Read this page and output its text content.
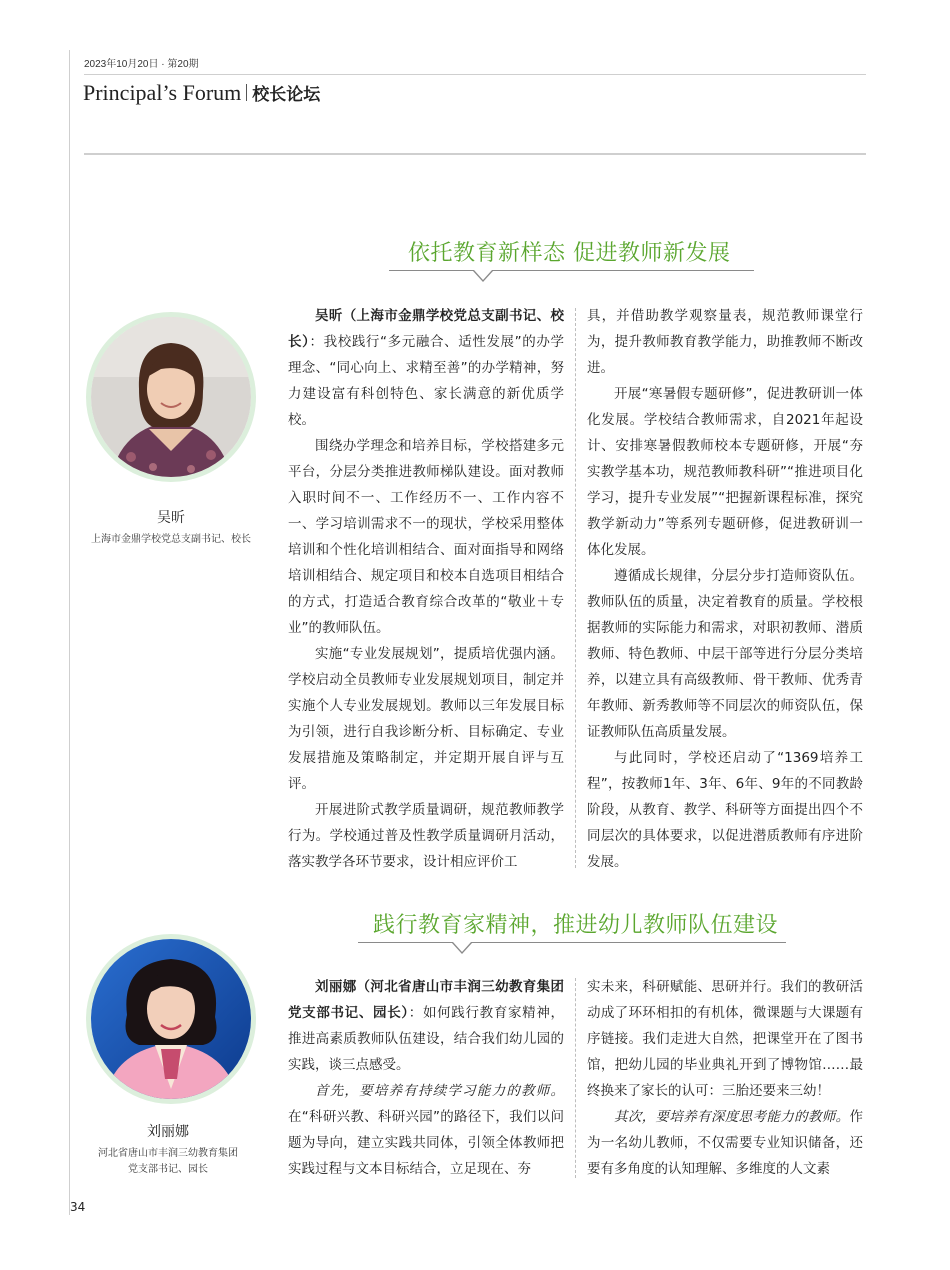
2023年10月20日 · 第20期
Principal’s Forum 校长论坛
依托教育新样态 促进教师新发展
吴昕
上海市金鼎学校党总支副书记、校长

吴昕（上海市金鼎学校党总支副书记、校长）：我校践行“多元融合、适性发展”的办学理念、“同心向上、求精至善”的办学精神，努力建设富有科创特色、家长满意的新优质学校。

围绕办学理念和培养目标，学校搭建多元平台，分层分类推进教师梯队建设。面对教师入职时间不一、工作经历不一、工作内容不一、学习培训需求不一的现状，学校采用整体培训和个性化培训相结合、面对面指导和网络培训相结合、规定项目和校本自选项目相结合的方式，打造适合教育综合改革的“敬业＋专业”的教师队伍。

实施“专业发展规划”，提质培优强内涵。学校启动全员教师专业发展规划项目，制定并实施个人专业发展规划。教师以三年发展目标为引领，进行自我诊断分析、目标确定、专业发展措施及策略制定，并定期开展自评与互评。

开展进阶式教学质量调研，规范教师教学行为。学校通过普及性教学质量调研月活动，落实教学各环节要求，设计相应评价工

具，并借助教学观察量表，规范教师课堂行为，提升教师教育教学能力，助推教师不断改进。

开展“寒暑假专题研修”，促进教研训一体化发展。学校结合教师需求，自2021年起设计、安排寒暑假教师校本专题研修，开展“夯实教学基本功，规范教师教科研”“推进项目化学习，提升专业发展”“把握新课程标准，探究教学新动力”等系列专题研修，促进教研训一体化发展。

遵循成长规律，分层分步打造师资队伍。教师队伍的质量，决定着教育的质量。学校根据教师的实际能力和需求，对职初教师、潜质教师、特色教师、中层干部等进行分层分类培养，以建立具有高级教师、骨干教师、优秀青年教师、新秀教师等不同层次的师资队伍，保证教师队伍高质量发展。

与此同时，学校还启动了“1369培养工程”，按教师1年、3年、6年、9年的不同教龄阶段，从教育、教学、科研等方面提出四个不同层次的具体要求，以促进潜质教师有序进阶发展。

践行教育家精神，推进幼儿教师队伍建设
刘丽娜
河北省唐山市丰润三幼教育集团
党支部书记、园长

刘丽娜（河北省唐山市丰润三幼教育集团党支部书记、园长）：如何践行教育家精神，推进高素质教师队伍建设，结合我们幼儿园的实践，谈三点感受。

首先，要培养有持续学习能力的教师。在“科研兴教、科研兴园”的路径下，我们以问题为导向，建立实践共同体，引领全体教师把实践过程与文本目标结合，立足现在、夯

实未来，科研赋能、思研并行。我们的教研活动成了环环相扣的有机体，微课题与大课题有序链接。我们走进大自然，把课堂开在了图书馆，把幼儿园的毕业典礼开到了博物馆……最终换来了家长的认可：三胎还要来三幼！

其次，要培养有深度思考能力的教师。作为一名幼儿教师，不仅需要专业知识储备，还要有多角度的认知理解、多维度的人文素

34
